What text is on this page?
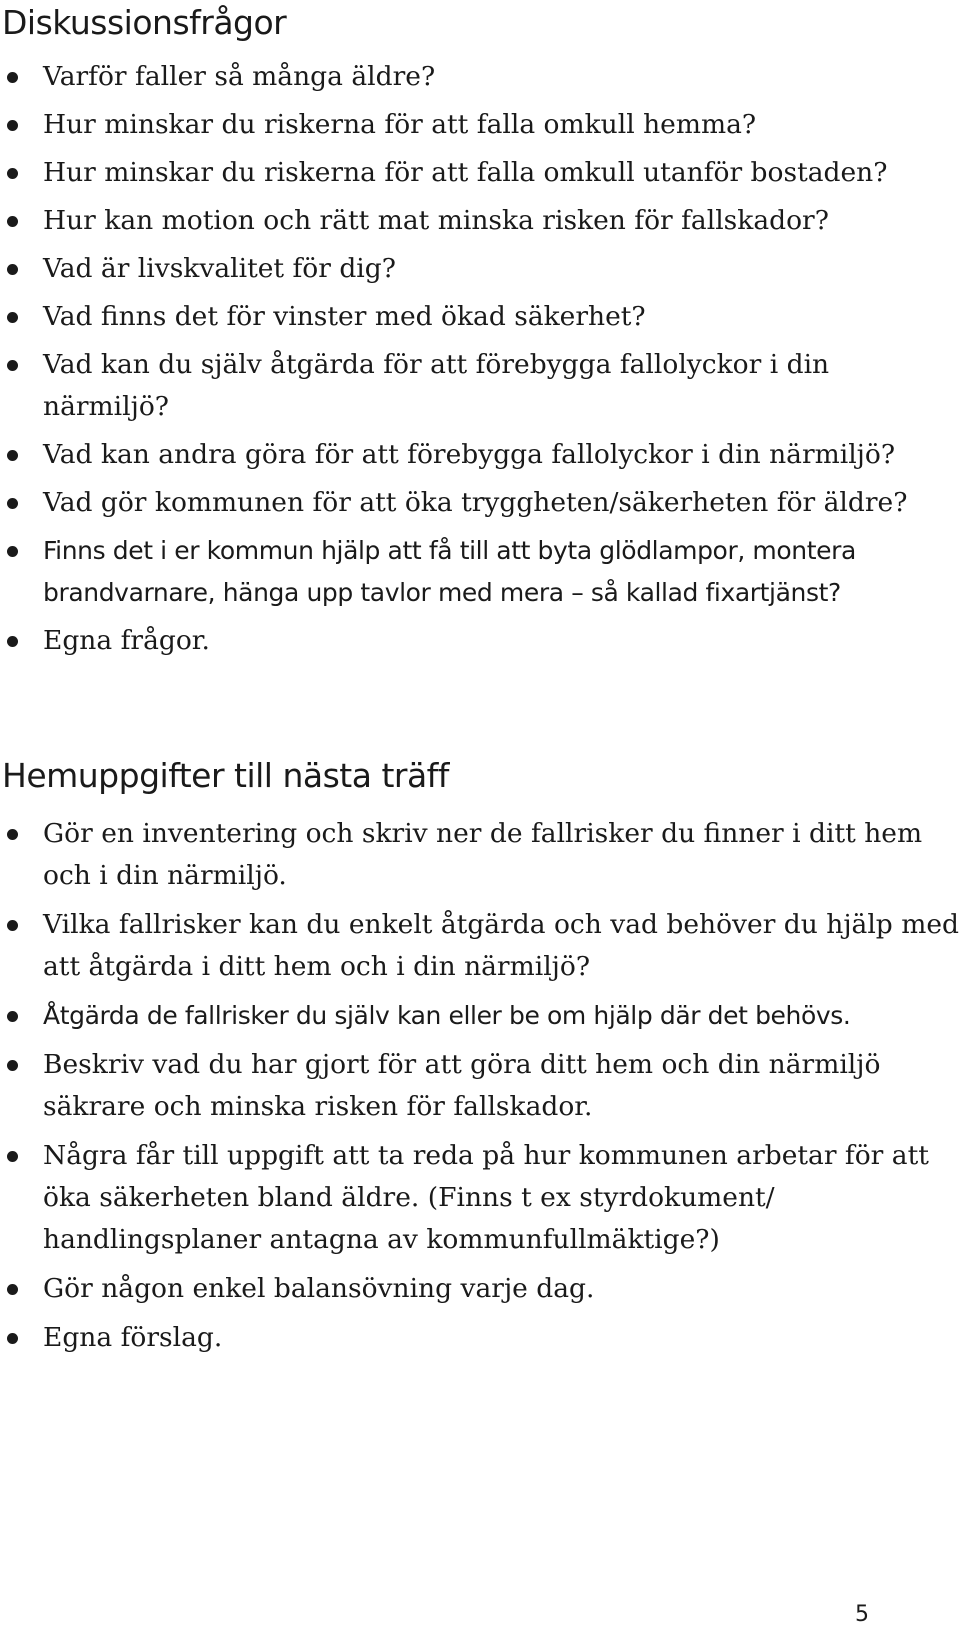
Diskussionsfrågor
Varför faller så många äldre?
Hur minskar du riskerna för att falla omkull hemma?
Hur minskar du riskerna för att falla omkull utanför bostaden?
Hur kan motion och rätt mat minska risken för fallskador?
Vad är livskvalitet för dig?
Vad finns det för vinster med ökad säkerhet?
Vad kan du själv åtgärda för att förebygga fallolyckor i din närmiljö?
Vad kan andra göra för att förebygga fallolyckor i din närmiljö?
Vad gör kommunen för att öka tryggheten/säkerheten för äldre?
Finns det i er kommun hjälp att få till att byta glödlampor, montera brandvarnare, hänga upp tavlor med mera – så kallad fixartjänst?
Egna frågor.
Hemuppgifter till nästa träff
Gör en inventering och skriv ner de fallrisker du finner i ditt hem och i din närmiljö.
Vilka fallrisker kan du enkelt åtgärda och vad behöver du hjälp med att åtgärda i ditt hem och i din närmiljö?
Åtgärda de fallrisker du själv kan eller be om hjälp där det behövs.
Beskriv vad du har gjort för att göra ditt hem och din närmiljö säkrare och minska risken för fallskador.
Några får till uppgift att ta reda på hur kommunen arbetar för att öka säkerheten bland äldre. (Finns t ex styrdokument/ handlingsplaner antagna av kommunfullmäktige?)
Gör någon enkel balansövning varje dag.
Egna förslag.
5
